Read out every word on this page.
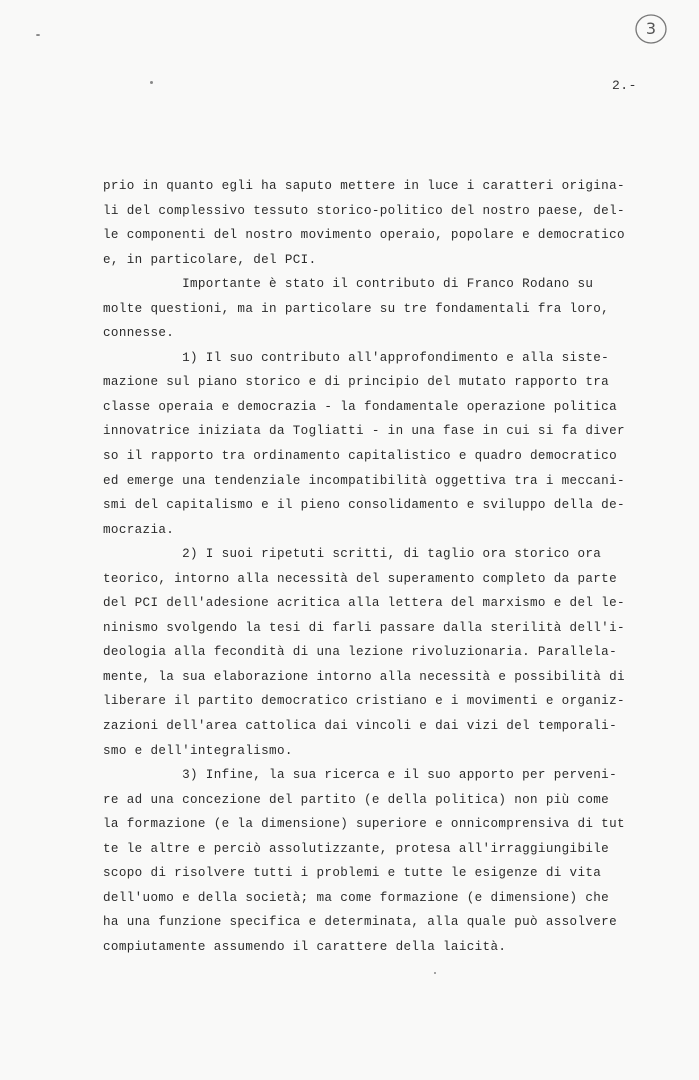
3
2.-
prio in quanto egli ha saputo mettere in luce i caratteri origina-
li del complessivo tessuto storico-politico del nostro paese, del-
le componenti del nostro movimento operaio, popolare e democratico
e, in particolare, del PCI.
Importante è stato il contributo di Franco Rodano su
molte questioni, ma in particolare su tre fondamentali fra loro,
connesse.
1) Il suo contributo all'approfondimento e alla siste-
mazione sul piano storico e di principio del mutato rapporto tra
classe operaia e democrazia - la fondamentale operazione politica
innovatrice iniziata da Togliatti - in una fase in cui si fa diver
so il rapporto tra ordinamento capitalistico e quadro democratico
ed emerge una tendenziale incompatibilità oggettiva tra i meccani-
smi del capitalismo e il pieno consolidamento e sviluppo della de-
mocrazia.
2) I suoi ripetuti scritti, di taglio ora storico ora
teorico, intorno alla necessità del superamento completo da parte
del PCI dell'adesione acritica alla lettera del marxismo e del le-
ninismo svolgendo la tesi di farli passare dalla sterilità dell'i-
deologia alla fecondità di una lezione rivoluzionaria. Parallela-
mente, la sua elaborazione intorno alla necessità e possibilità di
liberare il partito democratico cristiano e i movimenti e organiz-
zazioni dell'area cattolica dai vincoli e dai vizi del temporali-
smo e dell'integralismo.
3) Infine, la sua ricerca e il suo apporto per perveni-
re ad una concezione del partito (e della politica) non più come
la formazione (e la dimensione) superiore e onnicomprensiva di tut
te le altre e perciò assolutizzante, protesa all'irraggiungibile
scopo di risolvere tutti i problemi e tutte le esigenze di vita
dell'uomo e della società; ma come formazione (e dimensione) che
ha una funzione specifica e determinata, alla quale può assolvere
compiutamente assumendo il carattere della laicità.
